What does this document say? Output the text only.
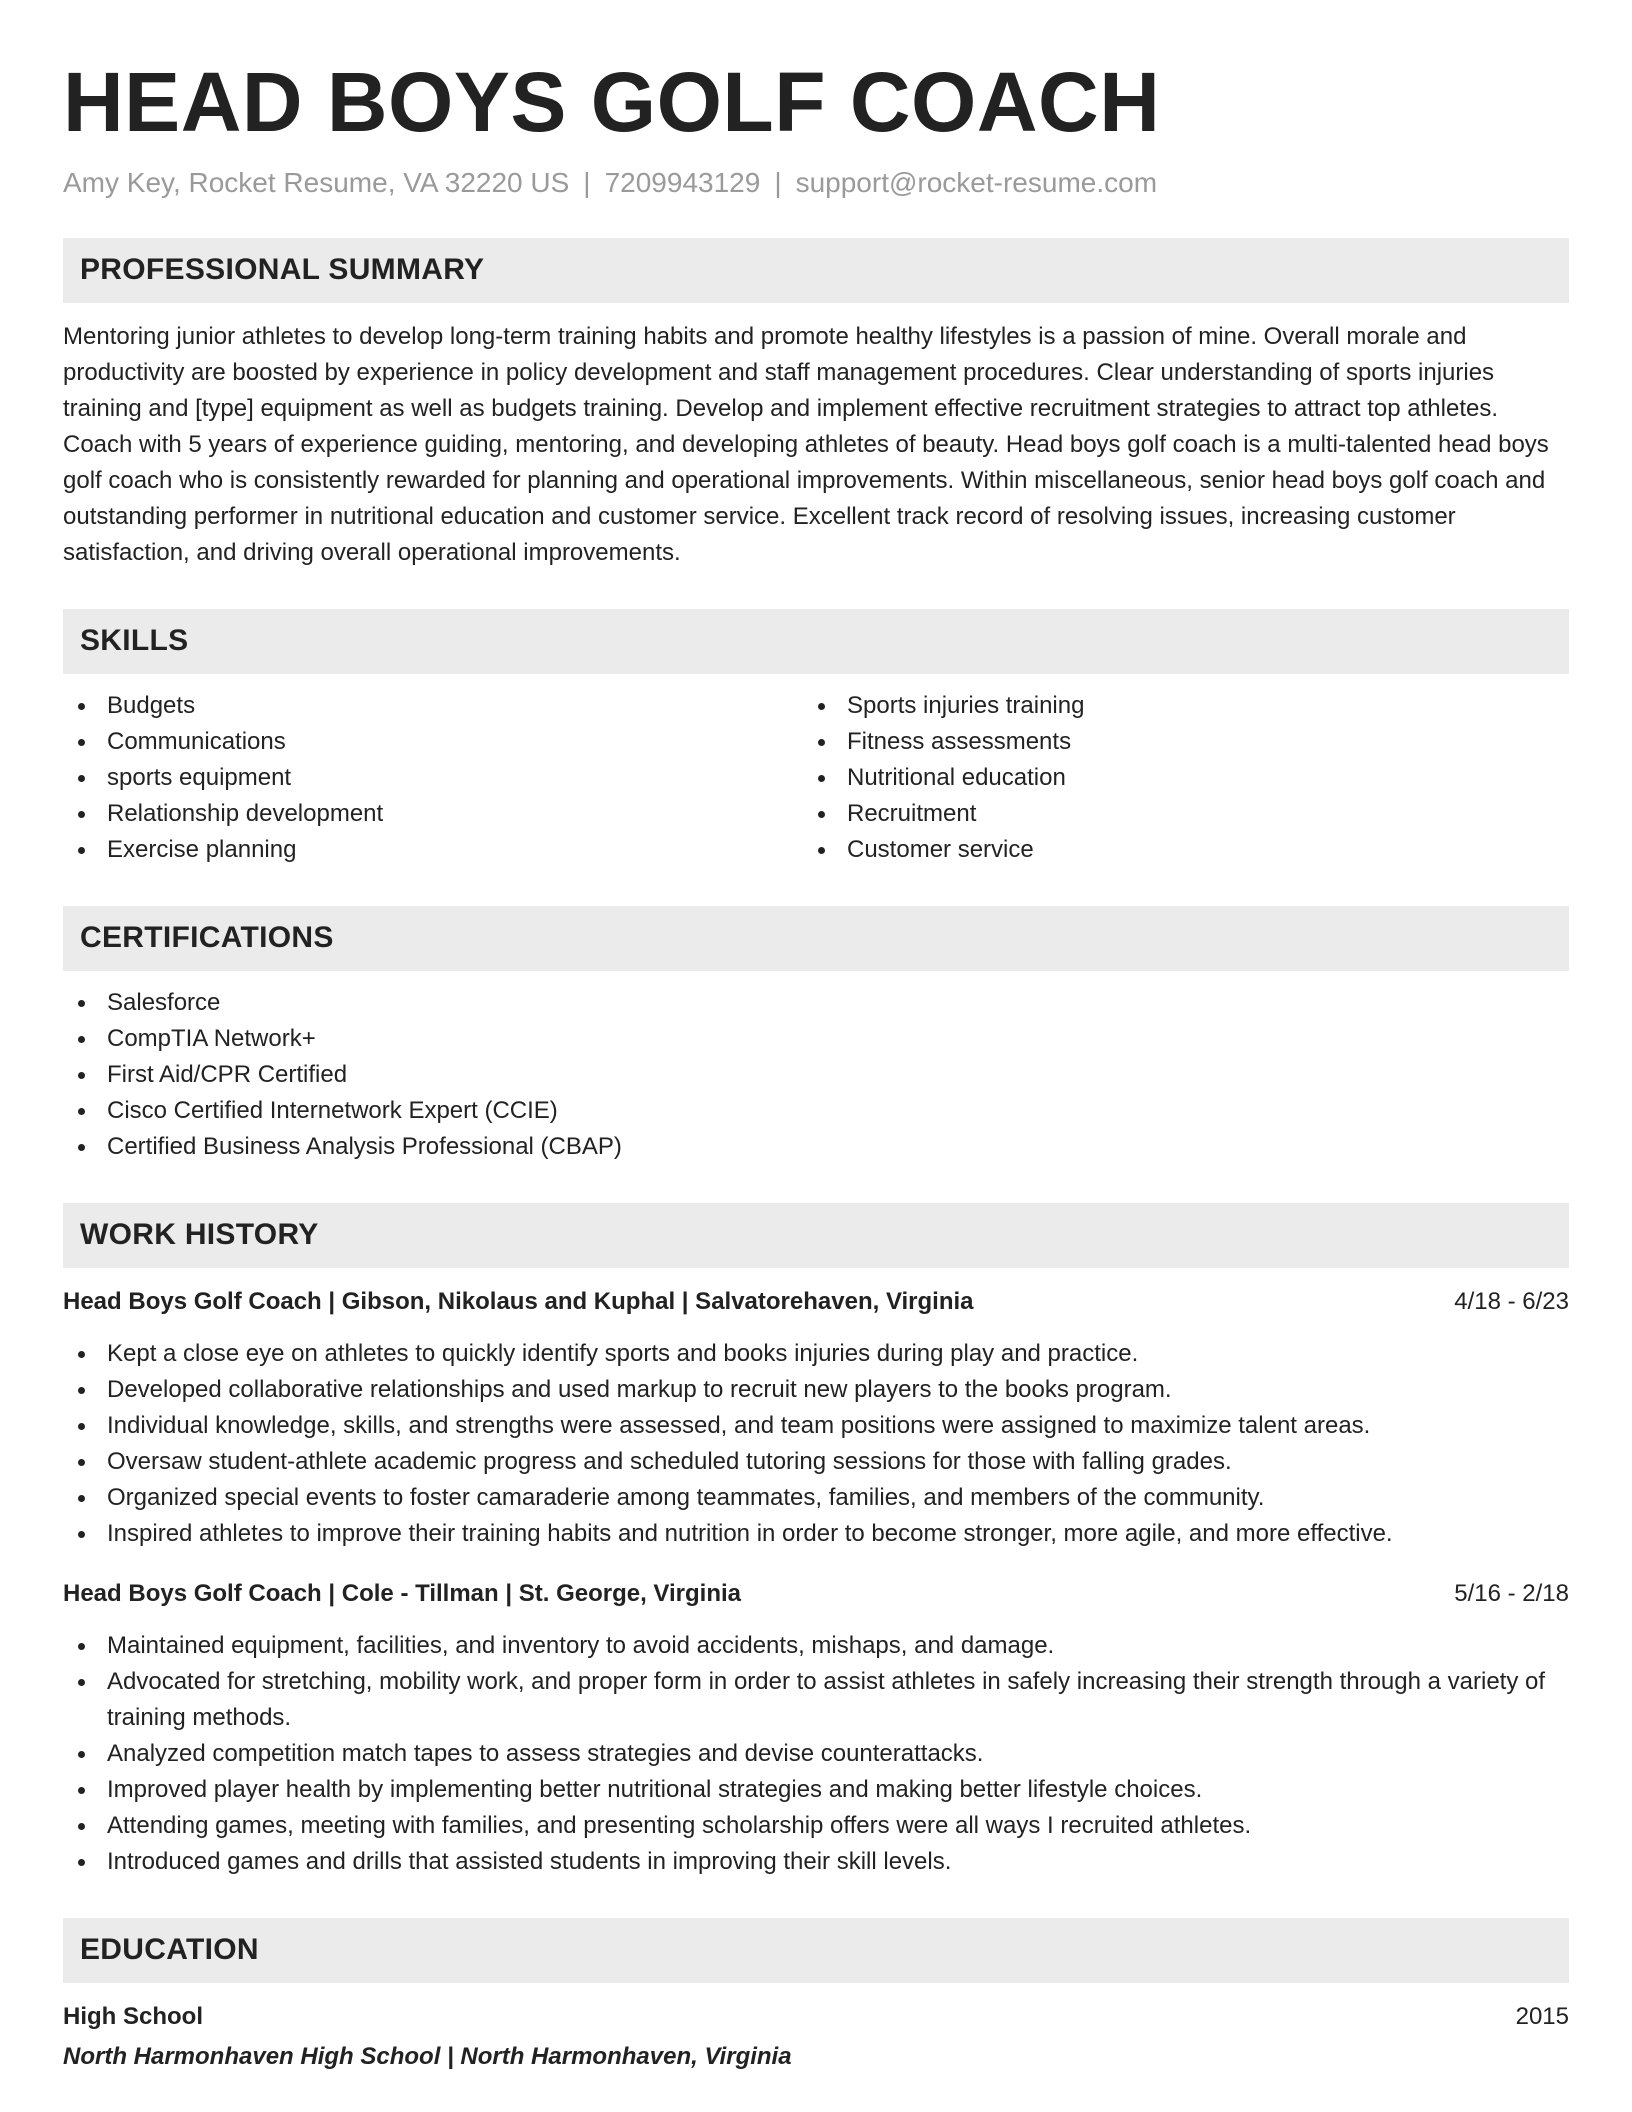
HEAD BOYS GOLF COACH
Amy Key, Rocket Resume, VA 32220 US | 7209943129 | support@rocket-resume.com
PROFESSIONAL SUMMARY
Mentoring junior athletes to develop long-term training habits and promote healthy lifestyles is a passion of mine. Overall morale and productivity are boosted by experience in policy development and staff management procedures. Clear understanding of sports injuries training and [type] equipment as well as budgets training. Develop and implement effective recruitment strategies to attract top athletes. Coach with 5 years of experience guiding, mentoring, and developing athletes of beauty. Head boys golf coach is a multi-talented head boys golf coach who is consistently rewarded for planning and operational improvements. Within miscellaneous, senior head boys golf coach and outstanding performer in nutritional education and customer service. Excellent track record of resolving issues, increasing customer satisfaction, and driving overall operational improvements.
SKILLS
Budgets
Communications
sports equipment
Relationship development
Exercise planning
Sports injuries training
Fitness assessments
Nutritional education
Recruitment
Customer service
CERTIFICATIONS
Salesforce
CompTIA Network+
First Aid/CPR Certified
Cisco Certified Internetwork Expert (CCIE)
Certified Business Analysis Professional (CBAP)
WORK HISTORY
Head Boys Golf Coach | Gibson, Nikolaus and Kuphal | Salvatorehaven, Virginia	4/18 - 6/23
Kept a close eye on athletes to quickly identify sports and books injuries during play and practice.
Developed collaborative relationships and used markup to recruit new players to the books program.
Individual knowledge, skills, and strengths were assessed, and team positions were assigned to maximize talent areas.
Oversaw student-athlete academic progress and scheduled tutoring sessions for those with falling grades.
Organized special events to foster camaraderie among teammates, families, and members of the community.
Inspired athletes to improve their training habits and nutrition in order to become stronger, more agile, and more effective.
Head Boys Golf Coach | Cole - Tillman | St. George, Virginia	5/16 - 2/18
Maintained equipment, facilities, and inventory to avoid accidents, mishaps, and damage.
Advocated for stretching, mobility work, and proper form in order to assist athletes in safely increasing their strength through a variety of training methods.
Analyzed competition match tapes to assess strategies and devise counterattacks.
Improved player health by implementing better nutritional strategies and making better lifestyle choices.
Attending games, meeting with families, and presenting scholarship offers were all ways I recruited athletes.
Introduced games and drills that assisted students in improving their skill levels.
EDUCATION
High School	2015
North Harmonhaven High School | North Harmonhaven, Virginia
